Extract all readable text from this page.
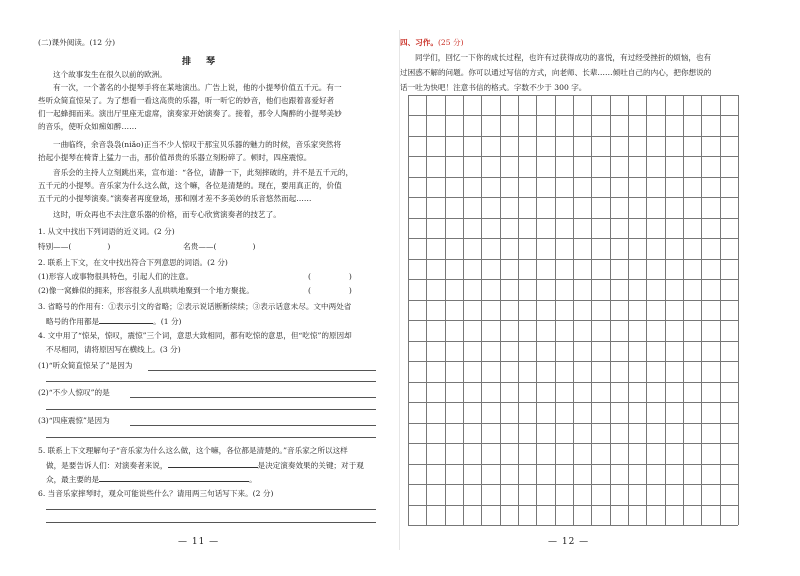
(二)课外阅读。(12 分)
排　琴
这个故事发生在很久以前的欧洲。
有一次，一个著名的小提琴手将在某地演出。广告上说，他的小提琴价值五千元。有一
些听众简直惊呆了。为了想看一看这高贵的乐器，听一听它的妙音，他们也跟着喜爱好者
们一起蜂拥而来。演出厅里座无虚席，演奏家开始演奏了。接着，那令人陶醉的小提琴美妙
的音乐，使听众如痴如醉……
一曲临终，余音袅袅(niǎo)正当不少人惊叹于那宝贝乐器的魅力的时候，音乐家突然将
抬起小提琴在椅背上猛力一击，那价值昂贵的乐器立刻粉碎了。顿时，四座震惊。
音乐会的主持人立刻跳出来，宣布道：“各位，请静一下，此刻摔破的，并不是五千元的，
五千元的小提琴。音乐家为什么这么做，这个嘛，各位是清楚的。现在，要用真正的，价值
五千元的小提琴演奏。”演奏者再度登场，那和刚才差不多美妙的乐音悠然而起……
这时，听众再也不去注意乐器的价格，而专心欣赏演奏者的技艺了。
1. 从文中找出下列词语的近义词。(2 分)
特别——(	)	名贵——(	)
2. 联系上下文，在文中找出符合下列意思的词语。(2 分)
(1)形容人或事物很具特色，引起人们的注意。	(　　　　　)
(2)像一窝蜂似的拥来，形容很多人乱哄哄地聚到一个地方聚拢。	(　　　　　)
3. 省略号的作用有：①表示引文的省略；②表示说话断断续续；③表示话意未尽。文中两处省
略号的作用都是	。(1 分)
4. 文中用了“惊呆，惊叹，震惊”三个词，意思大致相同，都有吃惊的意思，但“吃惊”的原因却
不尽相同，请将原因写在横线上。(3 分)
(1)“听众简直惊呆了”是因为
(2)“不少人惊叹”的是
(3)“四座震惊”是因为
5. 联系上下文理解句子“音乐家为什么这么做，这个嘛，各位都是清楚的。”音乐家之所以这样
做，是要告诉人们：对演奏者来说，	是决定演奏效果的关键；对于观
众，最主要的是	。
6. 当音乐家摔琴时，观众可能说些什么？请用两三句话写下来。(2 分)
— 11 —
四、习作。(25 分)
同学们，回忆一下你的成长过程，也许有过获得成功的喜悦，有过经受挫折的烦恼，也有
过困惑不解的问题。你可以通过写信的方式，向老师、长辈……倾吐自己的内心，把你想说的
话一吐为快吧！注意书信的格式。字数不少于 300 字。
— 12 —
